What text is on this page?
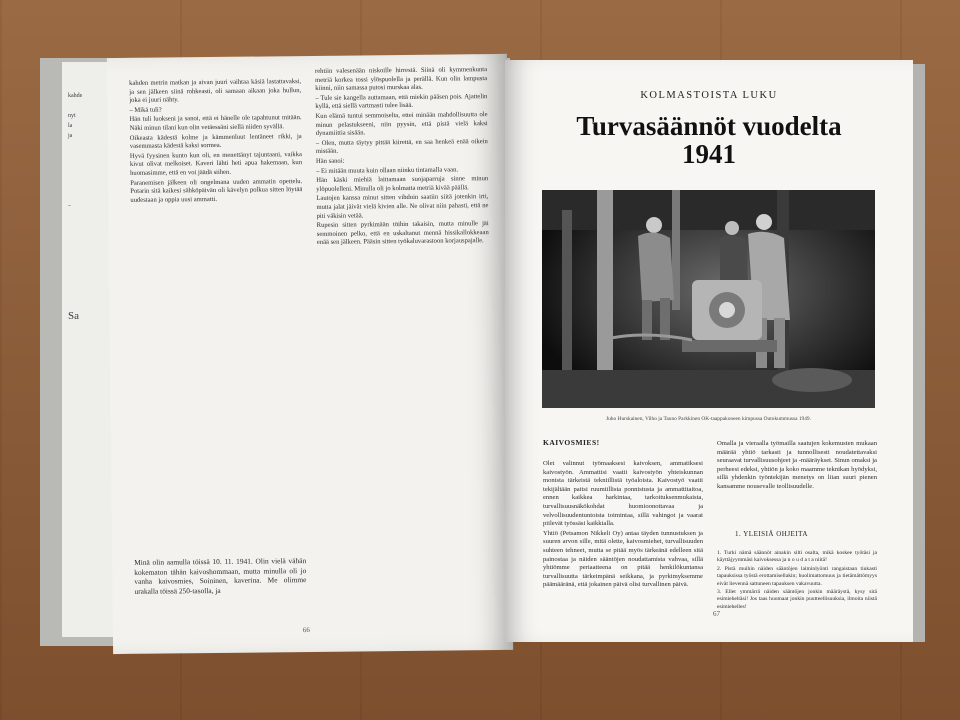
kahde
nyt
la
ja
–
Sa

kahden metrin matkan ja aivan juuri vaihtaa käsiä lastattavaksi, ja sen jälkeen siinä rohkeasti, oli samaan aikaan joka hullun, joka ei juuri nähty.

– Mikä tuli?

Hän tuli luokseni ja sanoi, että ei hänelle ole tapahtunut mitään. Näki minun tilani kun olin vetäessäni siellä niiden syvällä.

Oikeasta kädestä kolme ja kämmenluut lentäneet rikki, ja vasemmasta kädestä kaksi sormea.

Hyvä fyysinen kunto kun oli, en menettänyt tajuntaani, vaikka kivut olivat melkoiset. Kaveri lähti heti apua hakemaan, kun huomasimme, että en voi jäädä siihen.

Paranemisen jälkeen oli ongelmana uuden ammatin opettelu. Potarin sitä kaikesi sähköpäivän oli kävelyn polkua sitten löytää uudestaan ja oppia uusi ammatti.

Minä olin aamulla töissä 10. 11. 1941. Olin vielä vähän kokematon tähän kaivoshommaan, mutta minulla oli jo vanha kaivosmies, Soininen, kaverina. Me olimme urakalla töissä 250-tasolla, ja

rehtiin valesenään niskoille hirrestä. Siinä oli kymmenkunta metriä korkea tossi ylöspuolella ja perällä. Kun olin lampusta kiinni, niin samassa putosi murskaa alas.

– Tule sie kangella auttamaan, että miekin pääsen pois. Ajattelin kyllä, että siellä vartmasti tulee lisää.

Kun elämä tuntui semmoiselta, ettei minään mahdollisuutta ole minun pelastukseeni, niin pyysin, että pistä vielä kaksi dynamiittia sisään.

– Olen, mutta täytyy pittää kiirettä, en saa henkeä enää oikein mistään.

Hän sanoi:

– Ei mitään muuta kuin ollaan niinku tintamalla vaan.

Hän käski miehiä laittamaan suojaparruja sinne minun ylöpuolelleni. Minulla oli jo kolmatta metriä kivää päällä.

Lautojen kanssa minut sitten vihdoin saatiin siitä jotenkin irti, mutta jalat jäivät vielä kivien alle. Ne olivat niin pahasti, että ne piti väkisin vetää.

Rupesin sitten pyrkimään töihin takaisin, mutta minulle jäi semmoinen pelko, että en uskaltanut mennä hissikallokkeaan enää sen jälkeen. Pääsin sitten työkaluvarastoon korjauspajalle.

66
KOLMASTOISTA LUKU
Turvasäännöt vuodelta
1941
Juho Hurskainen, Vilho ja Tauno Parkkinen OK-taappakoneen kimpussa Outokummussa 1949.
KAIVOSMIES!

Olet valinnut työmaaksesi kaivoksen, ammatiksesi kaivostyön. Ammattisi vaatii kaivostyön yhteiskunnan monista tärkeistä tekniillistä työaloista. Kaivostyö vaatii tekijältään paitsi ruumiillista ponnistusta ja ammattitaitoa, ennen kaikkea harkintaa, tarkoituksenmukaista, turvallisuusnäkökohdat huomioonottavaa ja velvollisuudentuntoista toimintaa, sillä vahingot ja vaarat piilevät työssäsi kaikkialla.

Yhtiö (Petsamon Nikkeli Oy) antaa täyden tunnustuksen ja suuren arvon sille, mitä olette, kaivosmiehet, turvallisuuden suhteen tehneet, mutta se pitää myös tärkeänä edelleen sitä painostaa ja näiden sääntöjen noudattamista vahvaa, sillä yhtiömme periaatteena on pitää henkilökuntansa turvallisuutta tärkeimpänä seikkana, ja pyrkimyksemme päämääränä, että jokainen päivä olisi turvallinen päivä.

Omalla ja vieraalla työmailla saatujen kokemusten mukaan määrää yhtiö tarkasti ja tunnollisesti noudatettavaksi seuraavat turvallisuusohjeet ja -määräykset. Sinun omaksi ja perheesi edeksi, yhtiön ja koko maamme teknikan hyödyksi, sillä yhdenkin työntekijän menetys on liian suuri pienen kansamme nousevalle teollisuudelle.

1. YLEISIÄ OHJEITA

1. Turki nämä säännöt ainakin silti osalta, mikä koskee työtäsi ja käyttäjyymmäsi kaivoksessa ja n o u d a t a niitä!

2. Pistä muihin näiden sääntöjen laiminlyönti rangaistaan tiukasti tapauksissa työstä erottamisellakin; huolimattomuus ja tietämättömyys eivät lievennä sattuneen tapauksen vakavuutta.

3. Ellet ymmärrä näiden sääntöjen jonkin määräystä, kysy sitä esimieheltäsi! Jos taas huomaat jonkin puutteellisuuksia, ilmoita niistä esimiehelles!

67
